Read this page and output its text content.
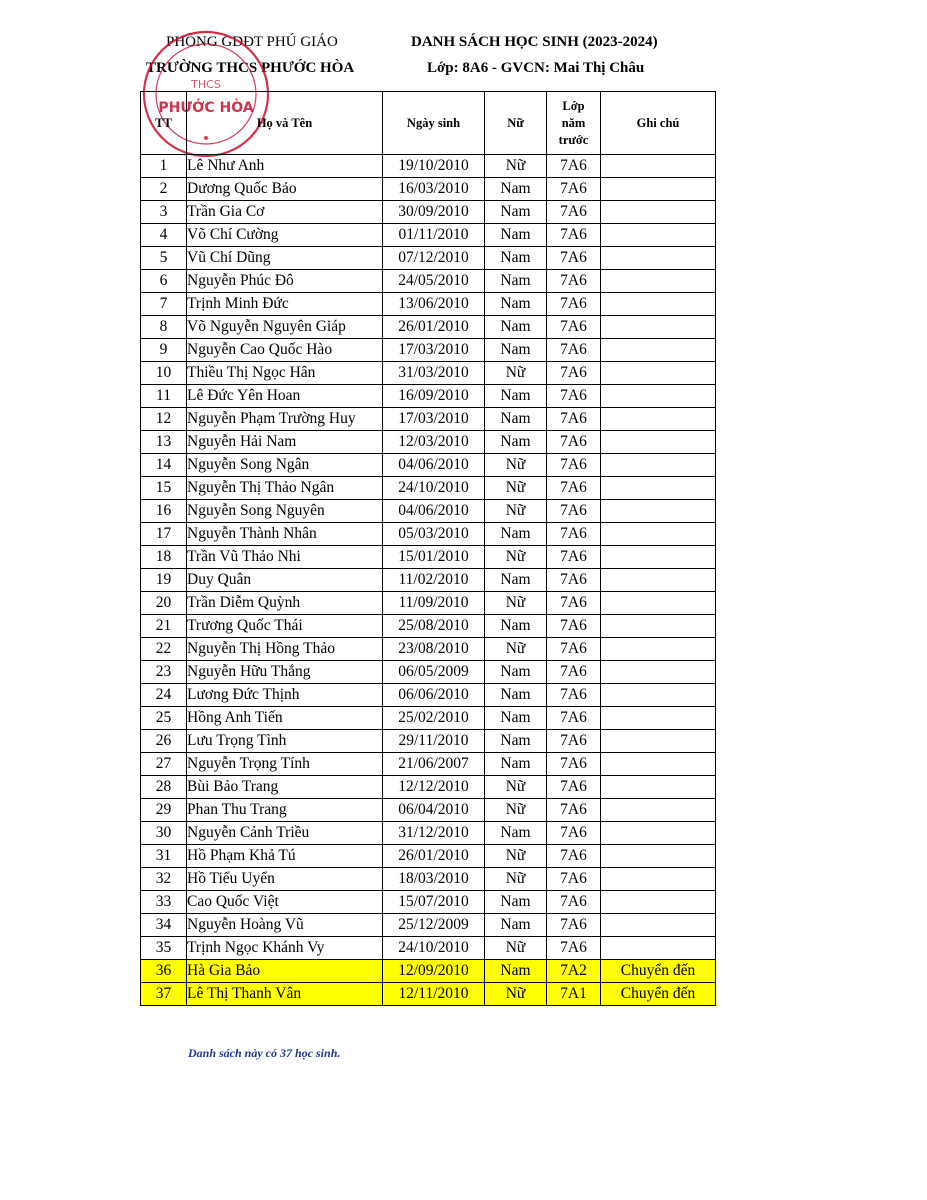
PHÒNG GDĐT PHÚ GIÁO
TRƯỜNG THCS PHƯỚC HÒA
DANH SÁCH HỌC SINH (2023-2024)
Lớp: 8A6 - GVCN: Mai Thị Châu
PHƯỚC HÒA
THCS
TT	Họ và Tên	Ngày sinh	Nữ	Lớp
năm
trước	Ghi chú
1	Lê Như Anh	19/10/2010	Nữ	7A6	
2	Dương Quốc Bảo	16/03/2010	Nam	7A6	
3	Trần Gia Cơ	30/09/2010	Nam	7A6	
4	Võ Chí Cường	01/11/2010	Nam	7A6	
5	Vũ Chí Dũng	07/12/2010	Nam	7A6	
6	Nguyễn Phúc Đô	24/05/2010	Nam	7A6	
7	Trịnh Minh Đức	13/06/2010	Nam	7A6	
8	Võ Nguyễn Nguyên Giáp	26/01/2010	Nam	7A6	
9	Nguyễn Cao Quốc Hào	17/03/2010	Nam	7A6	
10	Thiều Thị Ngọc Hân	31/03/2010	Nữ	7A6	
11	Lê Đức Yên Hoan	16/09/2010	Nam	7A6	
12	Nguyễn Phạm Trường Huy	17/03/2010	Nam	7A6	
13	Nguyễn Hải Nam	12/03/2010	Nam	7A6	
14	Nguyễn Song Ngân	04/06/2010	Nữ	7A6	
15	Nguyễn Thị Thảo Ngân	24/10/2010	Nữ	7A6	
16	Nguyễn Song Nguyên	04/06/2010	Nữ	7A6	
17	Nguyễn Thành Nhân	05/03/2010	Nam	7A6	
18	Trần Vũ Thảo Nhi	15/01/2010	Nữ	7A6	
19	Duy Quân	11/02/2010	Nam	7A6	
20	Trần Diễm Quỳnh	11/09/2010	Nữ	7A6	
21	Trương Quốc Thái	25/08/2010	Nam	7A6	
22	Nguyễn Thị Hồng Thảo	23/08/2010	Nữ	7A6	
23	Nguyễn Hữu Thắng	06/05/2009	Nam	7A6	
24	Lương Đức Thịnh	06/06/2010	Nam	7A6	
25	Hồng Anh Tiến	25/02/2010	Nam	7A6	
26	Lưu Trọng Tình	29/11/2010	Nam	7A6	
27	Nguyễn Trọng Tính	21/06/2007	Nam	7A6	
28	Bùi Bảo Trang	12/12/2010	Nữ	7A6	
29	Phan Thu Trang	06/04/2010	Nữ	7A6	
30	Nguyễn Cảnh Triều	31/12/2010	Nam	7A6	
31	Hồ Phạm Khả Tú	26/01/2010	Nữ	7A6	
32	Hồ Tiểu Uyển	18/03/2010	Nữ	7A6	
33	Cao Quốc Việt	15/07/2010	Nam	7A6	
34	Nguyễn Hoàng Vũ	25/12/2009	Nam	7A6	
35	Trịnh Ngọc Khánh Vy	24/10/2010	Nữ	7A6	
36	Hà Gia Bảo	12/09/2010	Nam	7A2	Chuyển đến
37	Lê Thị Thanh Vân	12/11/2010	Nữ	7A1	Chuyển đến
Danh sách này có 37 học sinh.
